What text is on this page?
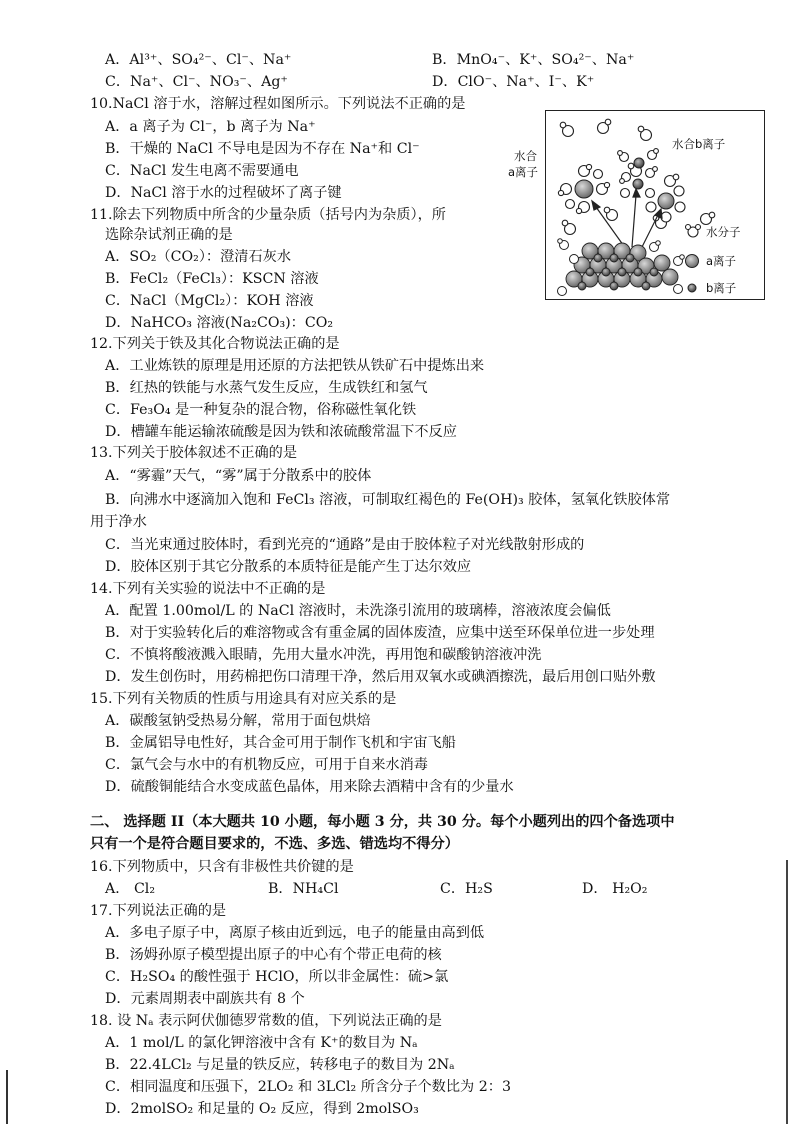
A．Al³⁺、SO₄²⁻、Cl⁻、Na⁺	B．MnO₄⁻、K⁺、SO₄²⁻、Na⁺
C．Na⁺、Cl⁻、NO₃⁻、Ag⁺	D．ClO⁻、Na⁺、I⁻、K⁺
10.NaCl 溶于水，溶解过程如图所示。下列说法不正确的是
A．a 离子为 Cl⁻，b 离子为 Na⁺
B．干燥的 NaCl 不导电是因为不存在 Na⁺和 Cl⁻
C．NaCl 发生电离不需要通电
D．NaCl 溶于水的过程破坏了离子键
水合
a离子
水合b离子
水分子
a离子
b离子
11.除去下列物质中所含的少量杂质（括号内为杂质），所
选除杂试剂正确的是
A．SO₂（CO₂）：澄清石灰水
B．FeCl₂（FeCl₃）：KSCN 溶液
C．NaCl（MgCl₂）：KOH 溶液
D．NaHCO₃ 溶液(Na₂CO₃)：CO₂
12.下列关于铁及其化合物说法正确的是
A．工业炼铁的原理是用还原的方法把铁从铁矿石中提炼出来
B．红热的铁能与水蒸气发生反应，生成铁红和氢气
C．Fe₃O₄ 是一种复杂的混合物，俗称磁性氧化铁
D．槽罐车能运输浓硫酸是因为铁和浓硫酸常温下不反应
13.下列关于胶体叙述不正确的是
A．“雾霾”天气，“雾”属于分散系中的胶体
B．向沸水中逐滴加入饱和 FeCl₃ 溶液，可制取红褐色的 Fe(OH)₃ 胶体，氢氧化铁胶体常
用于净水
C．当光束通过胶体时，看到光亮的“通路”是由于胶体粒子对光线散射形成的
D．胶体区别于其它分散系的本质特征是能产生丁达尔效应
14.下列有关实验的说法中不正确的是
A．配置 1.00mol/L 的 NaCl 溶液时，未洗涤引流用的玻璃棒，溶液浓度会偏低
B．对于实验转化后的难溶物或含有重金属的固体废渣，应集中送至环保单位进一步处理
C．不慎将酸液溅入眼睛，先用大量水冲洗，再用饱和碳酸钠溶液冲洗
D．发生创伤时，用药棉把伤口清理干净，然后用双氧水或碘酒擦洗，最后用创口贴外敷
15.下列有关物质的性质与用途具有对应关系的是
A．碳酸氢钠受热易分解，常用于面包烘焙
B．金属铝导电性好，其合金可用于制作飞机和宇宙飞船
C．氯气会与水中的有机物反应，可用于自来水消毒
D．硫酸铜能结合水变成蓝色晶体，用来除去酒精中含有的少量水
二、 选择题 II（本大题共 10 小题，每小题 3 分，共 30 分。每个小题列出的四个备选项中
只有一个是符合题目要求的，不选、多选、错选均不得分）
16.下列物质中，只含有非极性共价键的是
A． Cl₂	B．NH₄Cl	C．H₂S	D． H₂O₂
17.下列说法正确的是
A．多电子原子中，离原子核由近到远，电子的能量由高到低
B．汤姆孙原子模型提出原子的中心有个带正电荷的核
C．H₂SO₄ 的酸性强于 HClO，所以非金属性：硫>氯
D．元素周期表中副族共有 8 个
18. 设 Nₐ 表示阿伏伽德罗常数的值，下列说法正确的是
A．1 mol/L 的氯化钾溶液中含有 K⁺的数目为 Nₐ
B．22.4LCl₂ 与足量的铁反应，转移电子的数目为 2Nₐ
C．相同温度和压强下，2LO₂ 和 3LCl₂ 所含分子个数比为 2：3
D．2molSO₂ 和足量的 O₂ 反应，得到 2molSO₃
